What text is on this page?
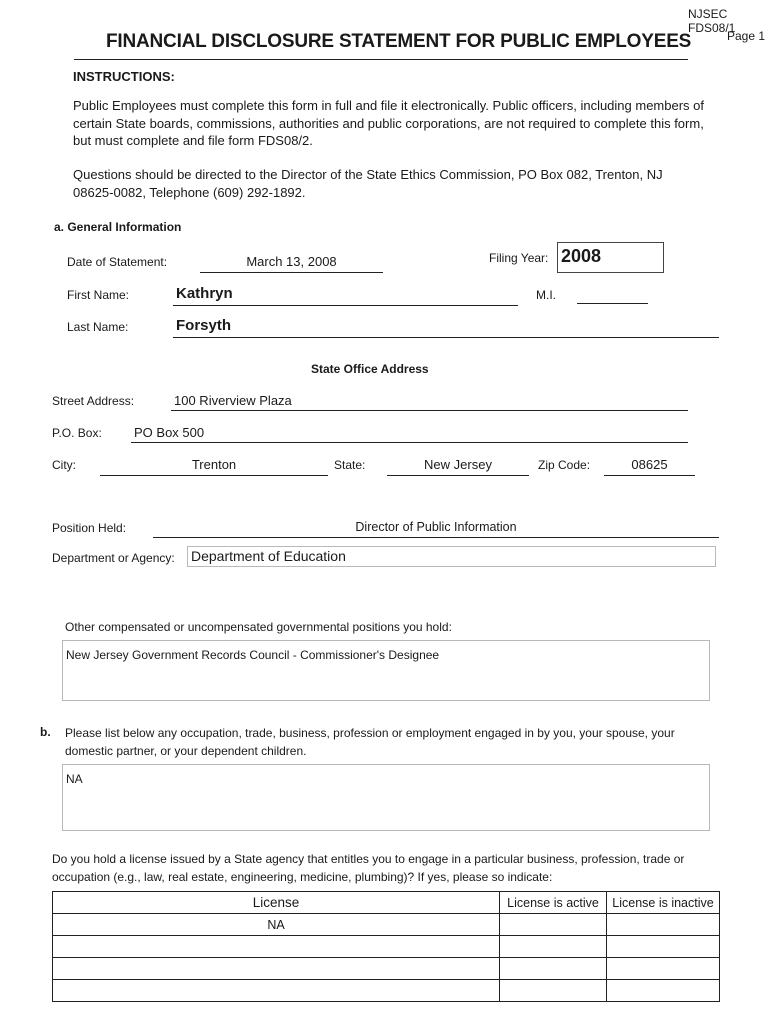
NJSEC FDS08/1
Page 1
FINANCIAL DISCLOSURE STATEMENT FOR PUBLIC EMPLOYEES
INSTRUCTIONS:
Public Employees must complete this form in full and file it electronically. Public officers, including members of
certain State boards, commissions, authorities and public corporations, are not required to complete this form,
but must complete and file form FDS08/2.
Questions should be directed to the Director of the State Ethics Commission, PO Box 082, Trenton, NJ
08625-0082, Telephone (609) 292-1892.
a. General Information
Date of Statement:	March 13, 2008	Filing Year: 2008
First Name:	Kathryn	M.I.
Last Name:	Forsyth
State Office Address
Street Address:	100 Riverview Plaza
P.O. Box: PO Box 500
City:	Trenton	State:	New Jersey	Zip Code:	08625
Position Held:	Director of Public Information
Department or Agency: Department of Education
Other compensated or uncompensated governmental positions you hold:
New Jersey Government Records Council - Commissioner's Designee
b. Please list below any occupation, trade, business, profession or employment engaged in by you, your spouse, your
domestic partner, or your dependent children.
NA
Do you hold a license issued by a State agency that entitles you to engage in a particular business, profession, trade or
occupation (e.g., law, real estate, engineering, medicine, plumbing)? If yes, please so indicate:
License	License is active	License is inactive
NA		
